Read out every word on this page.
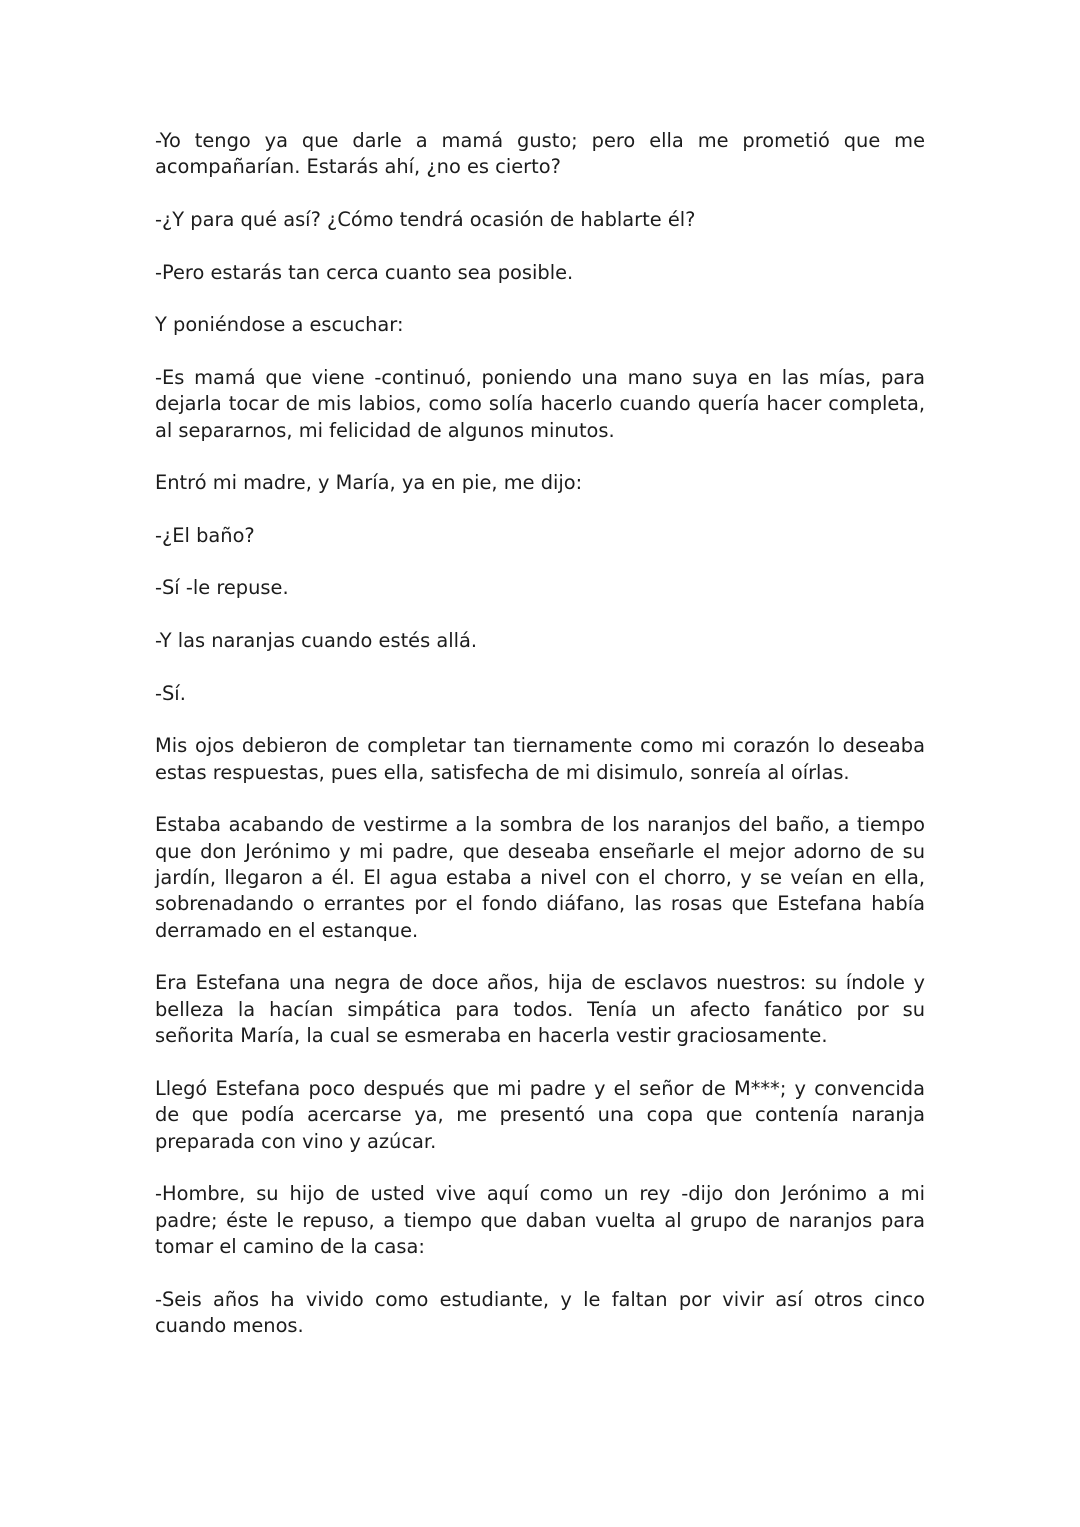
-Yo tengo ya que darle a mamá gusto; pero ella me prometió que me acompañarían. Estarás ahí, ¿no es cierto?

-¿Y para qué así? ¿Cómo tendrá ocasión de hablarte él?

-Pero estarás tan cerca cuanto sea posible.

Y poniéndose a escuchar:

-Es mamá que viene -continuó, poniendo una mano suya en las mías, para dejarla tocar de mis labios, como solía hacerlo cuando quería hacer completa, al separarnos, mi felicidad de algunos minutos.

Entró mi madre, y María, ya en pie, me dijo:

-¿El baño?

-Sí -le repuse.

-Y las naranjas cuando estés allá.

-Sí.

Mis ojos debieron de completar tan tiernamente como mi corazón lo deseaba estas respuestas, pues ella, satisfecha de mi disimulo, sonreía al oírlas.

Estaba acabando de vestirme a la sombra de los naranjos del baño, a tiempo que don Jerónimo y mi padre, que deseaba enseñarle el mejor adorno de su jardín, llegaron a él. El agua estaba a nivel con el chorro, y se veían en ella, sobrenadando o errantes por el fondo diáfano, las rosas que Estefana había derramado en el estanque.

Era Estefana una negra de doce años, hija de esclavos nuestros: su índole y belleza la hacían simpática para todos. Tenía un afecto fanático por su señorita María, la cual se esmeraba en hacerla vestir graciosamente.

Llegó Estefana poco después que mi padre y el señor de M***; y convencida de que podía acercarse ya, me presentó una copa que contenía naranja preparada con vino y azúcar.

-Hombre, su hijo de usted vive aquí como un rey -dijo don Jerónimo a mi padre; éste le repuso, a tiempo que daban vuelta al grupo de naranjos para tomar el camino de la casa:

-Seis años ha vivido como estudiante, y le faltan por vivir así otros cinco cuando menos.
